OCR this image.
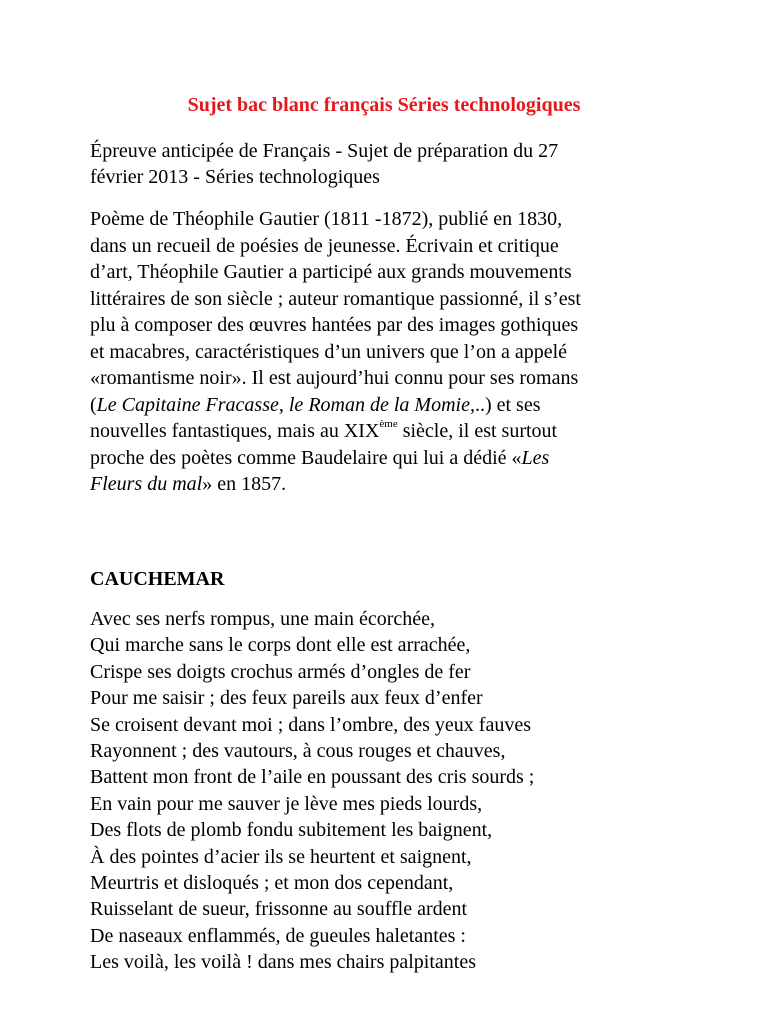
Sujet bac blanc français Séries technologiques
Épreuve anticipée de Français - Sujet de préparation du 27
février 2013 - Séries technologiques
Poème de Théophile Gautier (1811 -1872), publié en 1830,
dans un recueil de poésies de jeunesse. Écrivain et critique
d’art, Théophile Gautier a participé aux grands mouvements
littéraires de son siècle ; auteur romantique passionné, il s’est
plu à composer des œuvres hantées par des images gothiques
et macabres, caractéristiques d’un univers que l’on a appelé
«romantisme noir». Il est aujourd’hui connu pour ses romans
(Le Capitaine Fracasse, le Roman de la Momie,..) et ses
nouvelles fantastiques, mais au XIXème siècle, il est surtout
proche des poètes comme Baudelaire qui lui a dédié «Les
Fleurs du mal» en 1857.
CAUCHEMAR
Avec ses nerfs rompus, une main écorchée,
Qui marche sans le corps dont elle est arrachée,
Crispe ses doigts crochus armés d’ongles de fer
Pour me saisir ; des feux pareils aux feux d’enfer
Se croisent devant moi ; dans l’ombre, des yeux fauves
Rayonnent ; des vautours, à cous rouges et chauves,
Battent mon front de l’aile en poussant des cris sourds ;
En vain pour me sauver je lève mes pieds lourds,
Des flots de plomb fondu subitement les baignent,
À des pointes d’acier ils se heurtent et saignent,
Meurtris et disloqués ; et mon dos cependant,
Ruisselant de sueur, frissonne au souffle ardent
De naseaux enflammés, de gueules haletantes :
Les voilà, les voilà ! dans mes chairs palpitantes
